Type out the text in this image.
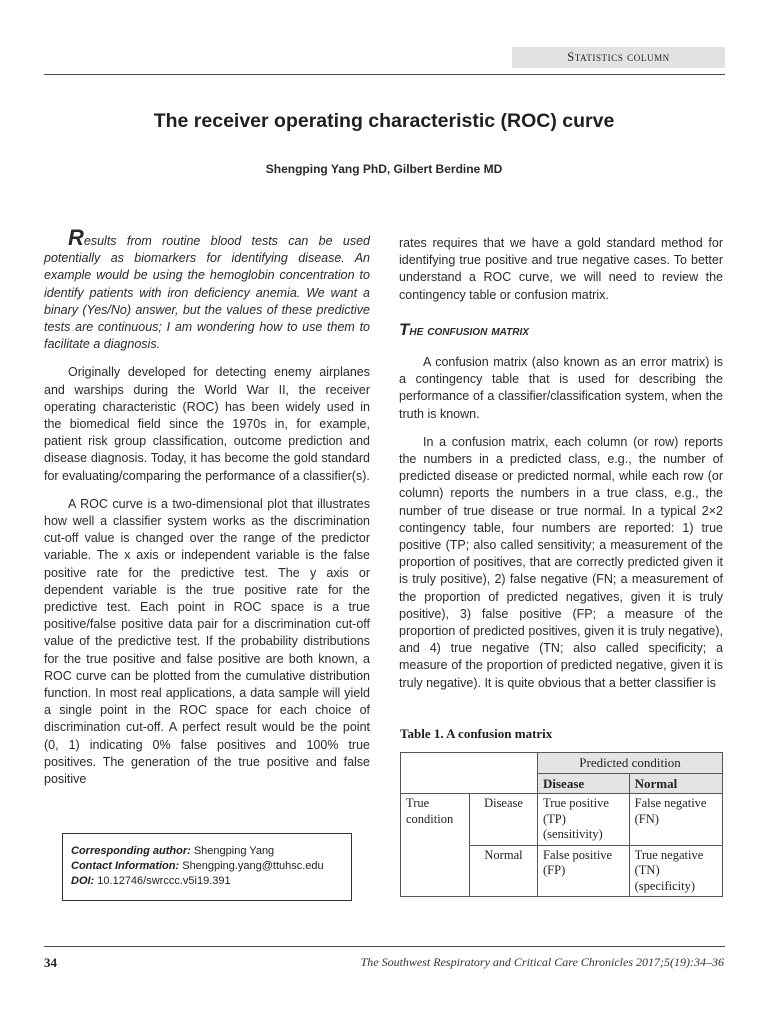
Statistics column
The receiver operating characteristic (ROC) curve
Shengping Yang PhD, Gilbert Berdine MD

Results from routine blood tests can be used potentially as biomarkers for identifying disease. An example would be using the hemoglobin concentration to identify patients with iron deficiency anemia. We want a binary (Yes/No) answer, but the values of these predictive tests are continuous; I am wondering how to use them to facilitate a diagnosis.

Originally developed for detecting enemy airplanes and warships during the World War II, the receiver operating characteristic (ROC) has been widely used in the biomedical field since the 1970s in, for example, patient risk group classification, outcome prediction and disease diagnosis. Today, it has become the gold standard for evaluating/comparing the performance of a classifier(s).

A ROC curve is a two-dimensional plot that illustrates how well a classifier system works as the discrimination cut-off value is changed over the range of the predictor variable. The x axis or independent variable is the false positive rate for the predictive test. The y axis or dependent variable is the true positive rate for the predictive test. Each point in ROC space is a true positive/false positive data pair for a discrimination cut-off value of the predictive test. If the probability distributions for the true positive and false positive are both known, a ROC curve can be plotted from the cumulative distribution function. In most real applications, a data sample will yield a single point in the ROC space for each choice of discrimination cut-off. A perfect result would be the point (0, 1) indicating 0% false positives and 100% true positives. The generation of the true positive and false positive

rates requires that we have a gold standard method for identifying true positive and true negative cases. To better understand a ROC curve, we will need to review the contingency table or confusion matrix.

The confusion matrix

A confusion matrix (also known as an error matrix) is a contingency table that is used for describing the performance of a classifier/classification system, when the truth is known.

In a confusion matrix, each column (or row) reports the numbers in a predicted class, e.g., the number of predicted disease or predicted normal, while each row (or column) reports the numbers in a true class, e.g., the number of true disease or true normal. In a typical 2×2 contingency table, four numbers are reported: 1) true positive (TP; also called sensitivity; a measurement of the proportion of positives, that are correctly predicted given it is truly positive), 2) false negative (FN; a measurement of the proportion of predicted negatives, given it is truly positive), 3) false positive (FP; a measure of the proportion of predicted positives, given it is truly negative), and 4) true negative (TN; also called specificity; a measure of the proportion of predicted negative, given it is truly negative). It is quite obvious that a better classifier is

Table 1. A confusion matrix
		Predicted condition	
		Disease	Normal
True condition	Disease	True positive (TP) (sensitivity)	False negative (FN)
	Normal	False positive (FP)	True negative (TN) (specificity)
Corresponding author: Shengping Yang
Contact Information: Shengping.yang@ttuhsc.edu
DOI: 10.12746/swrccc.v5i19.391
34	The Southwest Respiratory and Critical Care Chronicles 2017;5(19):34–36
